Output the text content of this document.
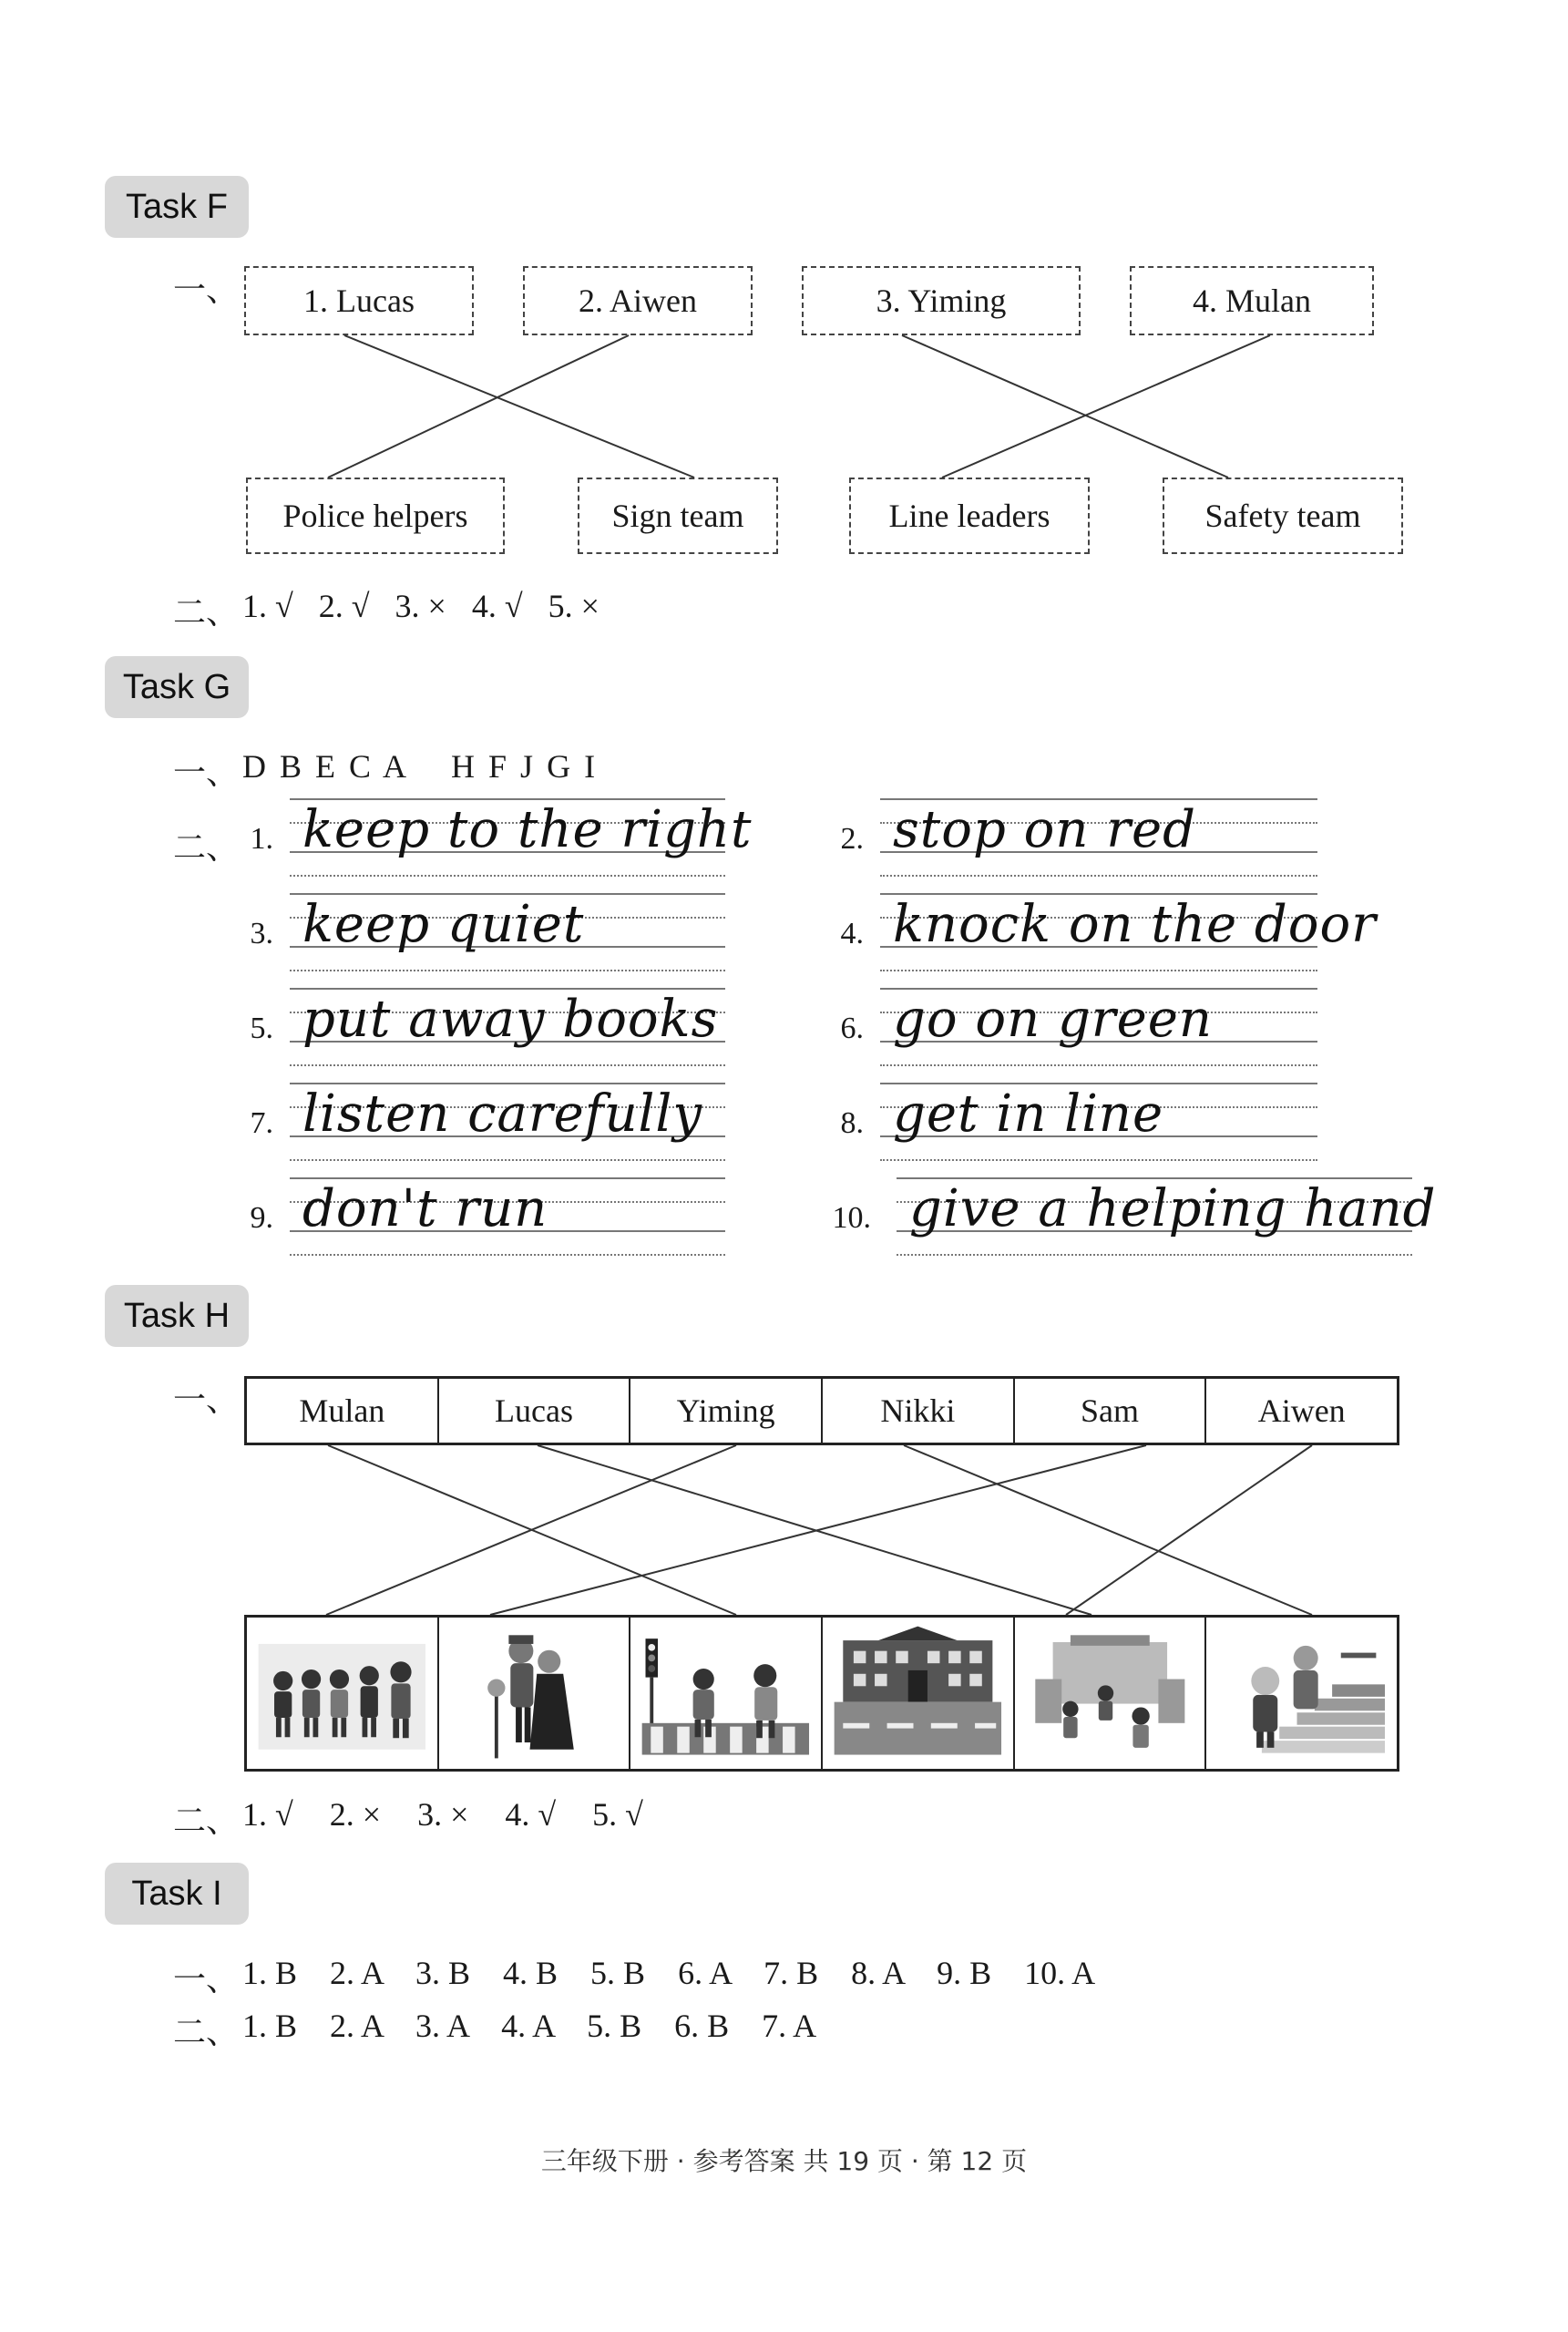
Task F
一、	1. Lucas	2. Aiwen	3. Yiming	4. Mulan
Police helpers	Sign team	Line leaders	Safety team
二、 1. √ 2. √ 3. × 4. √ 5. ×
Task G
一、 D B E C A    H F J G I
二、 1. keep to the right
3. keep quiet
5. put away books
7. listen carefully
9. don't run
2. stop on red
4. knock on the door
6. go on green
8. get in line
10. give a helping hand
Task H
一、	Mulan	Lucas	Yiming	Nikki	Sam	Aiwen
二、 1. √ 2. × 3. × 4. √ 5. √
Task I
一、 1. B    2. A    3. B    4. B    5. B    6. A    7. B    8. A    9. B    10. A
二、 1. B    2. A    3. A    4. A    5. B    6. B    7. A
三年级下册 · 参考答案 共 19 页 · 第 12 页
